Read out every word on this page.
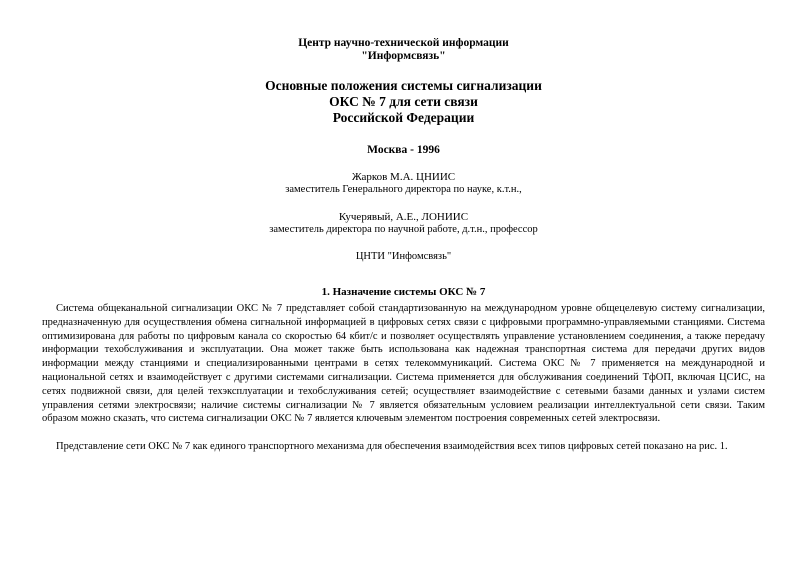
Центр научно-технической информации
"Информсвязь"
Основные положения системы сигнализации
ОКС № 7 для сети связи
Российской Федерации
Москва - 1996
Жарков М.А. ЦНИИС
заместитель Генерального директора по науке, к.т.н.,
Кучерявый, А.Е., ЛОНИИС
заместитель директора по научной работе, д.т.н., профессор
ЦНТИ "Инфомсвязь"
1. Назначение системы ОКС № 7

Система общеканальной сигнализации ОКС № 7 представляет собой стандартизованную на международном уровне общецелевую систему сигнализации, предназначенную для осуществления обмена сигнальной информацией в цифровых сетях связи с цифровыми программно-управляемыми станциями. Система оптимизирована для работы по цифровым канала со скоростью 64 кбит/с и позволяет осуществлять управление установлением соединения, а также передачу информации техобслуживания и эксплуатации. Она может также быть использована как надежная транспортная система для передачи других видов информации между станциями и специализированными центрами в сетях телекоммуникаций. Система ОКС № 7 применяется на международной и национальной сетях и взаимодействует с другими системами сигнализации. Система применяется для обслуживания соединений ТфОП, включая ЦСИС, на сетях подвижной связи, для целей техэксплуатации и техобслуживания сетей; осуществляет взаимодействие с сетевыми базами данных и узлами систем управления сетями электросвязи; наличие системы сигнализации № 7 является обязательным условием реализации интеллектуальной сети связи. Таким образом можно сказать, что система сигнализации ОКС № 7 является ключевым элементом построения современных сетей электросвязи.

Представление сети ОКС № 7 как единого транспортного механизма для обеспечения взаимодействия всех типов цифровых сетей показано на рис. 1.
